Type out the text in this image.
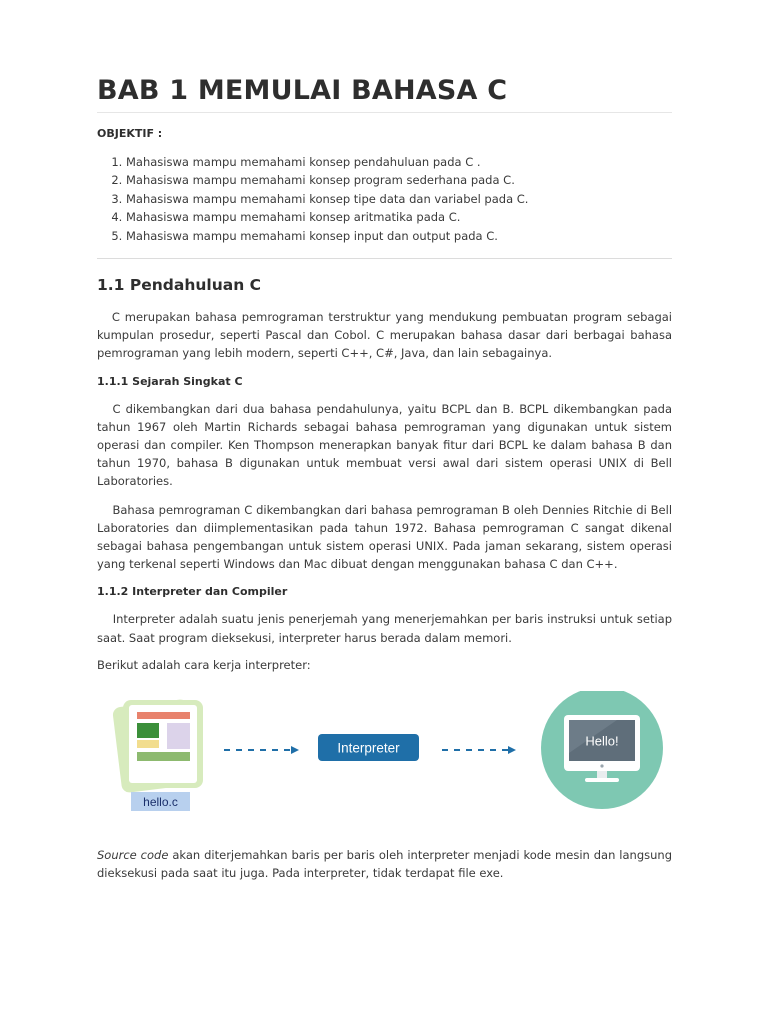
BAB 1 MEMULAI BAHASA C
OBJEKTIF :
1. Mahasiswa mampu memahami konsep pendahuluan pada C .
2. Mahasiswa mampu memahami konsep program sederhana pada C.
3. Mahasiswa mampu memahami konsep tipe data dan variabel pada C.
4. Mahasiswa mampu memahami konsep aritmatika pada C.
5. Mahasiswa mampu memahami konsep input dan output pada C.
1.1 Pendahuluan C

C merupakan bahasa pemrograman terstruktur yang mendukung pembuatan program sebagai kumpulan prosedur, seperti Pascal dan Cobol. C merupakan bahasa dasar dari berbagai bahasa pemrograman yang lebih modern, seperti C++, C#, Java, dan lain sebagainya.

1.1.1 Sejarah Singkat C

C dikembangkan dari dua bahasa pendahulunya, yaitu BCPL dan B. BCPL dikembangkan pada tahun 1967 oleh Martin Richards sebagai bahasa pemrograman yang digunakan untuk sistem operasi dan compiler. Ken Thompson menerapkan banyak fitur dari BCPL ke dalam bahasa B dan tahun 1970, bahasa B digunakan untuk membuat versi awal dari sistem operasi UNIX di Bell Laboratories.

Bahasa pemrograman C dikembangkan dari bahasa pemrograman B oleh Dennies Ritchie di Bell Laboratories dan diimplementasikan pada tahun 1972. Bahasa pemrograman C sangat dikenal sebagai bahasa pengembangan untuk sistem operasi UNIX. Pada jaman sekarang, sistem operasi yang terkenal seperti Windows dan Mac dibuat dengan menggunakan bahasa C dan C++.

1.1.2 Interpreter dan Compiler

Interpreter adalah suatu jenis penerjemah yang menerjemahkan per baris instruksi untuk setiap saat. Saat program dieksekusi, interpreter harus berada dalam memori.

Berikut adalah cara kerja interpreter:

hello.c
Interpreter	Hello!

Source code akan diterjemahkan baris per baris oleh interpreter menjadi kode mesin dan langsung dieksekusi pada saat itu juga. Pada interpreter, tidak terdapat file exe.
